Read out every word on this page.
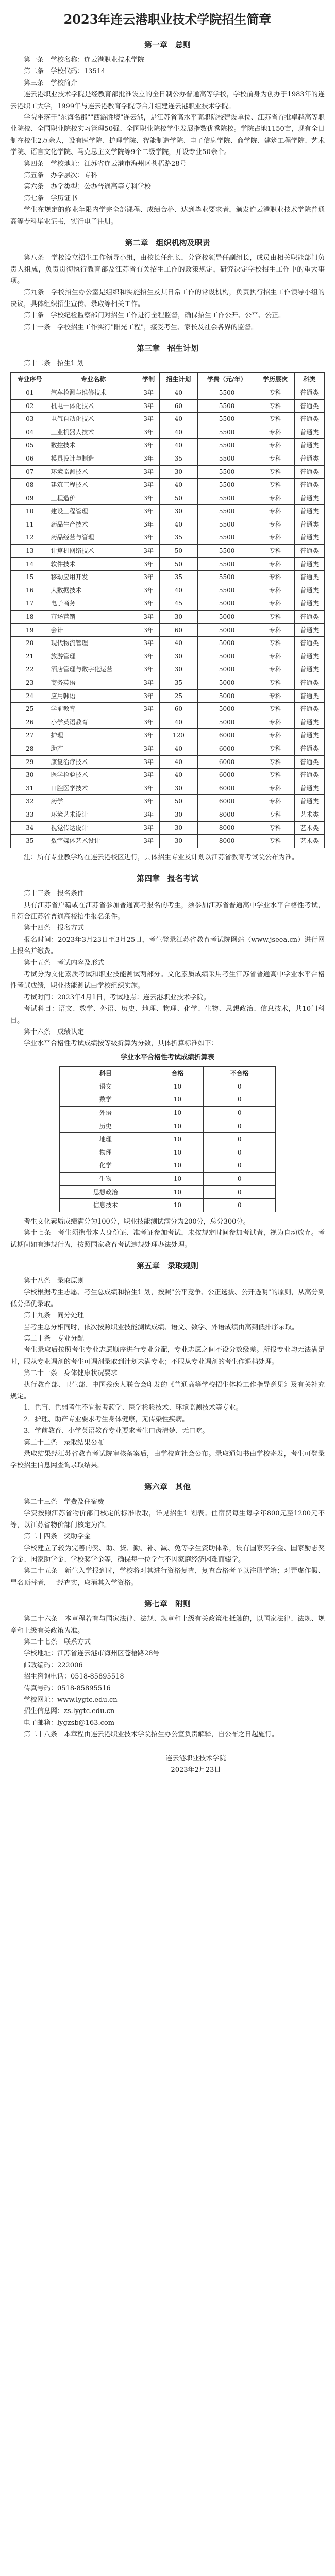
2023年连云港职业技术学院招生简章
第一章　总则

第一条　学校名称：连云港职业技术学院

第二条　学校代码：13514

第三条　学校简介

连云港职业技术学院是经教育部批准设立的全日制公办普通高等学校，学校前身为创办于1983年的连云港职工大学，1999年与连云港教育学院等合并组建连云港职业技术学院。

学院坐落于"东海名郡""西游胜境"连云港，是江苏省高水平高职院校建设单位、江苏省首批卓越高等职业院校、全国职业院校实习管理50强、全国职业院校学生发展指数优秀院校。学院占地1150亩，现有全日制在校生2万余人，设有医学院、护理学院、智能制造学院、电子信息学院、商学院、建筑工程学院、艺术学院、语言文化学院、马克思主义学院等9个二级学院，开设专业50余个。

第四条　学校地址：江苏省连云港市海州区苍梧路28号

第五条　办学层次：专科

第六条　办学类型：公办普通高等专科学校

第七条　学历证书

学生在规定的修业年限内学完全部课程、成绩合格、达到毕业要求者，颁发连云港职业技术学院普通高等专科毕业证书，实行电子注册。

第二章　组织机构及职责

第八条　学校设立招生工作领导小组，由校长任组长，分管校领导任副组长，成员由相关职能部门负责人组成，负责贯彻执行教育部及江苏省有关招生工作的政策规定，研究决定学校招生工作中的重大事项。

第九条　学校招生办公室是组织和实施招生及其日常工作的常设机构，负责执行招生工作领导小组的决议，具体组织招生宣传、录取等相关工作。

第十条　学校纪检监察部门对招生工作进行全程监督，确保招生工作公开、公平、公正。

第十一条　学校招生工作实行"阳光工程"，接受考生、家长及社会各界的监督。

第三章　招生计划

第十二条　招生计划

专业序号	专业名称	学制	招生计划	学费（元/年）	学历层次	科类
01	汽车检测与维修技术	3年	40	5500	专科	普通类
02	机电一体化技术	3年	60	5500	专科	普通类
03	电气自动化技术	3年	40	5500	专科	普通类
04	工业机器人技术	3年	40	5500	专科	普通类
05	数控技术	3年	40	5500	专科	普通类
06	模具设计与制造	3年	35	5500	专科	普通类
07	环境监测技术	3年	30	5500	专科	普通类
08	建筑工程技术	3年	40	5500	专科	普通类
09	工程造价	3年	50	5500	专科	普通类
10	建设工程管理	3年	30	5500	专科	普通类
11	药品生产技术	3年	40	5500	专科	普通类
12	药品经营与管理	3年	35	5500	专科	普通类
13	计算机网络技术	3年	50	5500	专科	普通类
14	软件技术	3年	50	5500	专科	普通类
15	移动应用开发	3年	35	5500	专科	普通类
16	大数据技术	3年	40	5500	专科	普通类
17	电子商务	3年	45	5000	专科	普通类
18	市场营销	3年	30	5000	专科	普通类
19	会计	3年	60	5000	专科	普通类
20	现代物流管理	3年	40	5000	专科	普通类
21	旅游管理	3年	30	5000	专科	普通类
22	酒店管理与数字化运营	3年	30	5000	专科	普通类
23	商务英语	3年	35	5000	专科	普通类
24	应用韩语	3年	25	5000	专科	普通类
25	学前教育	3年	60	5000	专科	普通类
26	小学英语教育	3年	40	5000	专科	普通类
27	护理	3年	120	6000	专科	普通类
28	助产	3年	40	6000	专科	普通类
29	康复治疗技术	3年	40	6000	专科	普通类
30	医学检验技术	3年	40	6000	专科	普通类
31	口腔医学技术	3年	30	6000	专科	普通类
32	药学	3年	50	6000	专科	普通类
33	环境艺术设计	3年	30	8000	专科	艺术类
34	视觉传达设计	3年	30	8000	专科	艺术类
35	数字媒体艺术设计	3年	30	8000	专科	艺术类

注：所有专业教学均在连云港校区进行，具体招生专业及计划以江苏省教育考试院公布为准。

第四章　报名考试

第十三条　报名条件

具有江苏省户籍或在江苏省参加普通高考报名的考生，须参加江苏省普通高中学业水平合格性考试，且符合江苏省普通高校招生报名条件。

第十四条　报名方式

报名时间：2023年3月23日至3月25日，考生登录江苏省教育考试院网站（www.jseea.cn）进行网上报名并缴费。

第十五条　考试内容及形式

考试分为文化素质考试和职业技能测试两部分。文化素质成绩采用考生江苏省普通高中学业水平合格性考试成绩，职业技能测试由学校组织实施。

考试时间：2023年4月1日，考试地点：连云港职业技术学院。

考试科目：语文、数学、外语、历史、地理、物理、化学、生物、思想政治、信息技术，共10门科目。

第十六条　成绩认定

学业水平合格性考试成绩按等级折算为分数，具体折算标准如下：

学业水平合格性考试成绩折算表
科目	合格	不合格
语文	10	0
数学	10	0
外语	10	0
历史	10	0
地理	10	0
物理	10	0
化学	10	0
生物	10	0
思想政治	10	0
信息技术	10	0

考生文化素质成绩满分为100分，职业技能测试满分为200分，总分300分。

第十七条　考生须携带本人身份证、准考证参加考试，未按规定时间参加考试者，视为自动放弃。考试期间如有违规行为，按照国家教育考试违规处理办法处理。

第五章　录取规则

第十八条　录取原则

学校根据考生志愿、考生总成绩和招生计划，按照"公平竞争、公正选拔、公开透明"的原则，从高分到低分择优录取。

第十九条　同分处理

当考生总分相同时，依次按照职业技能测试成绩、语文、数学、外语成绩由高到低排序录取。

第二十条　专业分配

考生录取后按照考生专业志愿顺序进行专业分配，专业志愿之间不设分数级差。所报专业均无法满足时，服从专业调剂的考生可调剂录取到计划未满专业；不服从专业调剂的考生作退档处理。

第二十一条　身体健康状况要求

执行教育部、卫生部、中国残疾人联合会印发的《普通高等学校招生体检工作指导意见》及有关补充规定。

1．色盲、色弱考生不宜报考药学、医学检验技术、环境监测技术等专业。

2．护理、助产专业要求考生身体健康，无传染性疾病。

3．学前教育、小学英语教育专业要求考生口齿清楚、无口吃。

第二十二条　录取结果公布

录取结果经江苏省教育考试院审核备案后，由学校向社会公布。录取通知书由学校寄发，考生可登录学校招生信息网查询录取结果。

第六章　其他

第二十三条　学费及住宿费

学费按照江苏省物价部门核定的标准收取，详见招生计划表。住宿费每生每学年800元至1200元不等，以江苏省物价部门核定为准。

第二十四条　奖助学金

学校建立了较为完善的奖、助、贷、勤、补、减、免等学生资助体系，设有国家奖学金、国家励志奖学金、国家助学金、学校奖学金等，确保每一位学生不因家庭经济困难而辍学。

第二十五条　新生入学报到时，学校将对其进行资格复查，复查合格者予以注册学籍；对弄虚作假、冒名顶替者，一经查实，取消其入学资格。

第七章　附则

第二十六条　本章程若有与国家法律、法规、规章和上级有关政策相抵触的，以国家法律、法规、规章和上级有关政策为准。

第二十七条　联系方式

学校地址：江苏省连云港市海州区苍梧路28号

邮政编码：222006

招生咨询电话：0518-85895518

传真号码：0518-85895516

学校网址：www.lygtc.edu.cn

招生信息网：zs.lygtc.edu.cn

电子邮箱：lygzsb@163.com

第二十八条　本章程由连云港职业技术学院招生办公室负责解释，自公布之日起施行。

连云港职业技术学院
2023年2月23日
